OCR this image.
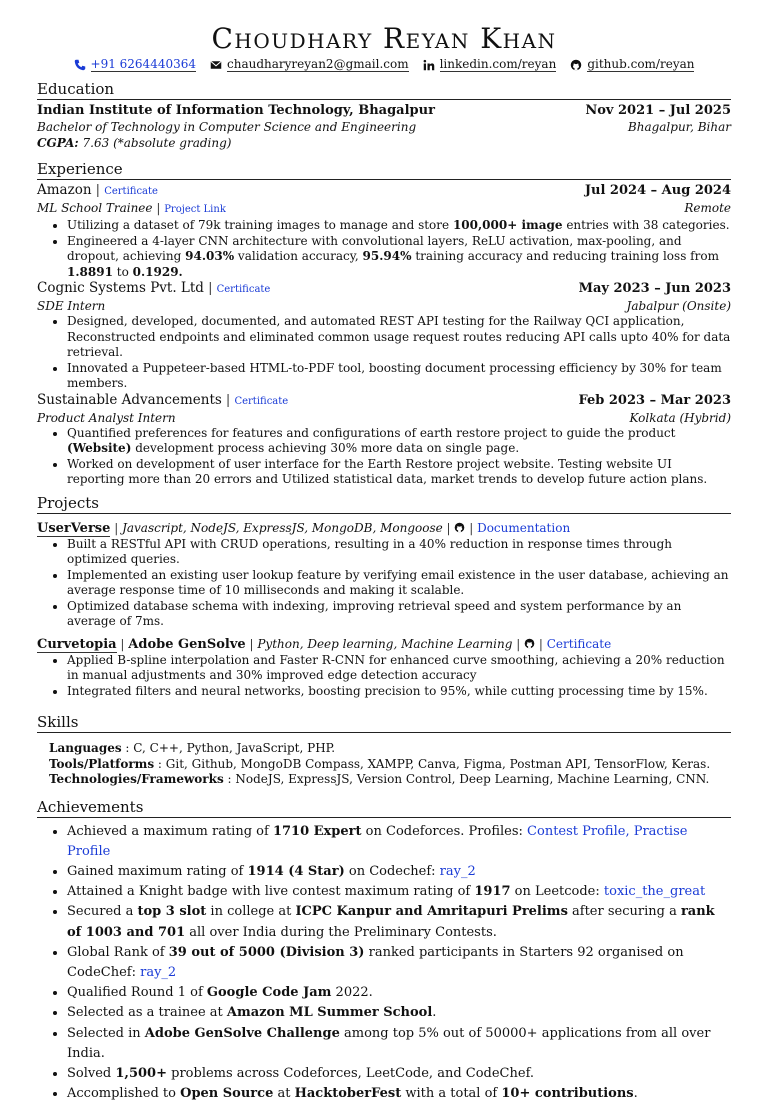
Choudhary Reyan Khan
+91 6264440364	chaudharyreyan2@gmail.com	linkedin.com/reyan	github.com/reyan
Education
Indian Institute of Information Technology, Bhagalpur	Nov 2021 – Jul 2025
Bachelor of Technology in Computer Science and Engineering	Bhagalpur, Bihar
CGPA: 7.63 (*absolute grading)
Experience
Amazon | Certificate	Jul 2024 – Aug 2024
ML School Trainee | Project Link	Remote
• Utilizing a dataset of 79k training images to manage and store 100,000+ image entries with 38 categories.
• Engineered a 4-layer CNN architecture with convolutional layers, ReLU activation, max-pooling, and dropout, achieving 94.03% validation accuracy, 95.94% training accuracy and reducing training loss from 1.8891 to 0.1929.
Cognic Systems Pvt. Ltd | Certificate	May 2023 – Jun 2023
SDE Intern	Jabalpur (Onsite)
• Designed, developed, documented, and automated REST API testing for the Railway QCI application, Reconstructed endpoints and eliminated common usage request routes reducing API calls upto 40% for data retrieval.
• Innovated a Puppeteer-based HTML-to-PDF tool, boosting document processing efficiency by 30% for team members.
Sustainable Advancements | Certificate	Feb 2023 – Mar 2023
Product Analyst Intern	Kolkata (Hybrid)
• Quantified preferences for features and configurations of earth restore project to guide the product (Website) development process achieving 30% more data on single page.
• Worked on development of user interface for the Earth Restore project website. Testing website UI reporting more than 20 errors and Utilized statistical data, market trends to develop future action plans.
Projects
UserVerse | Javascript, NodeJS, ExpressJS, MongoDB, Mongoose |  | Documentation
• Built a RESTful API with CRUD operations, resulting in a 40% reduction in response times through optimized queries.
• Implemented an existing user lookup feature by verifying email existence in the user database, achieving an average response time of 10 milliseconds and making it scalable.
• Optimized database schema with indexing, improving retrieval speed and system performance by an average of 7ms.
Curvetopia | Adobe GenSolve | Python, Deep learning, Machine Learning |  | Certificate
• Applied B-spline interpolation and Faster R-CNN for enhanced curve smoothing, achieving a 20% reduction in manual adjustments and 30% improved edge detection accuracy
• Integrated filters and neural networks, boosting precision to 95%, while cutting processing time by 15%.
Skills
Languages : C, C++, Python, JavaScript, PHP.
Tools/Platforms : Git, Github, MongoDB Compass, XAMPP, Canva, Figma, Postman API, TensorFlow, Keras.
Technologies/Frameworks : NodeJS, ExpressJS, Version Control, Deep Learning, Machine Learning, CNN.
Achievements
• Achieved a maximum rating of 1710 Expert on Codeforces. Profiles: Contest Profile, Practise Profile
• Gained maximum rating of 1914 (4 Star) on Codechef: ray_2
• Attained a Knight badge with live contest maximum rating of 1917 on Leetcode: toxic_the_great
• Secured a top 3 slot in college at ICPC Kanpur and Amritapuri Prelims after securing a rank of 1003 and 701 all over India during the Preliminary Contests.
• Global Rank of 39 out of 5000 (Division 3) ranked participants in Starters 92 organised on CodeChef: ray_2
• Qualified Round 1 of Google Code Jam 2022.
• Selected as a trainee at Amazon ML Summer School.
• Selected in Adobe GenSolve Challenge among top 5% out of 50000+ applications from all over India.
• Solved 1,500+ problems across Codeforces, LeetCode, and CodeChef.
• Accomplished to Open Source at HacktoberFest with a total of 10+ contributions.
